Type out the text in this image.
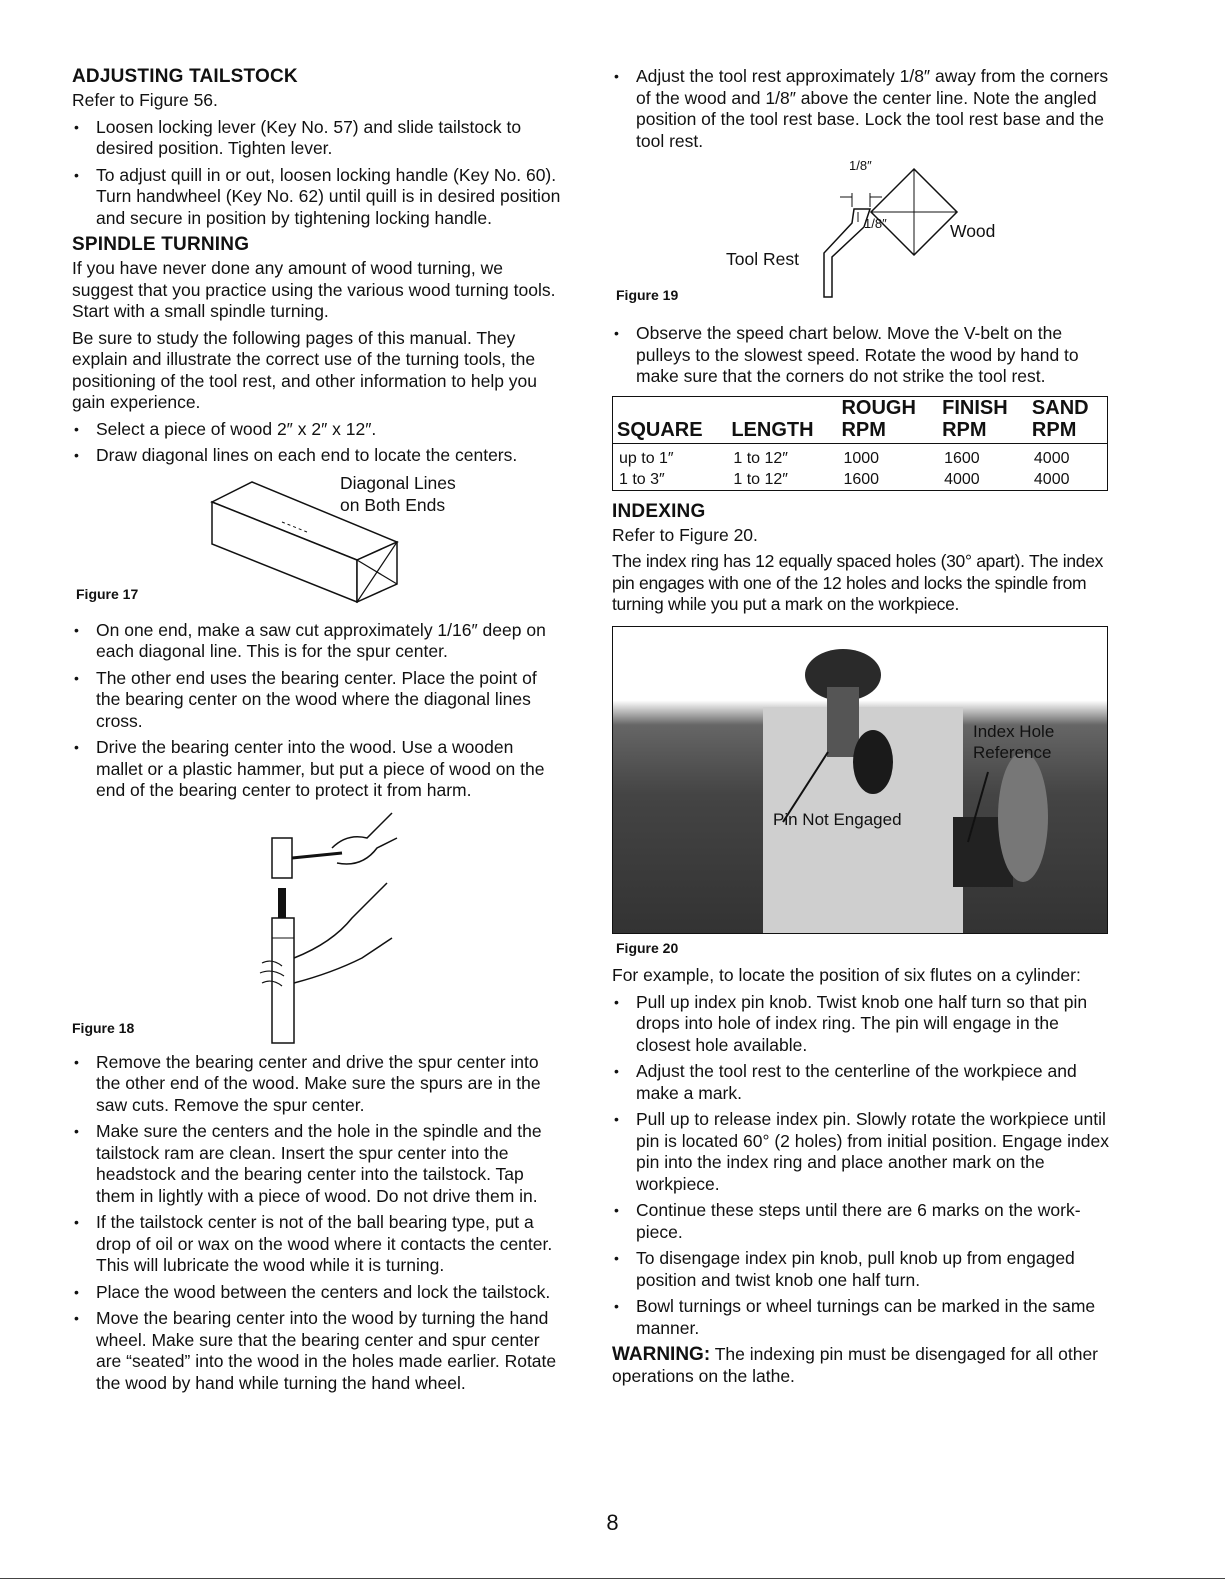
ADJUSTING TAILSTOCK

Refer to Figure 56.

• Loosen locking lever (Key No. 57) and slide tailstock to desired position. Tighten lever.
• To adjust quill in or out, loosen locking handle (Key No. 60). Turn handwheel (Key No. 62) until quill is in desired position and secure in position by tightening locking handle.
SPINDLE TURNING

If you have never done any amount of wood turning, we suggest that you practice using the various wood turning tools. Start with a small spindle turning.

Be sure to study the following pages of this manual. They explain and illustrate the correct use of the turning tools, the positioning of the tool rest, and other information to help you gain experience.

• Select a piece of wood 2″ x 2″ x 12″.
• Draw diagonal lines on each end to locate the centers.
Diagonal Lines
on Both Ends
Figure 17
• On one end, make a saw cut approximately 1/16″ deep on each diagonal line. This is for the spur center.
• The other end uses the bearing center. Place the point of the bearing center on the wood where the diagonal lines cross.
• Drive the bearing center into the wood. Use a wooden mallet or a plastic hammer, but put a piece of wood on the end of the bearing center to protect it from harm.
Figure 18
• Remove the bearing center and drive the spur center into the other end of the wood. Make sure the spurs are in the saw cuts. Remove the spur center.
• Make sure the centers and the hole in the spindle and the tailstock ram are clean. Insert the spur center into the headstock and the bearing center into the tailstock. Tap them in lightly with a piece of wood. Do not drive them in.
• If the tailstock center is not of the ball bearing type, put a drop of oil or wax on the wood where it contacts the center. This will lubricate the wood while it is turning.
• Place the wood between the centers and lock the tailstock.
• Move the bearing center into the wood by turning the hand wheel. Make sure that the bearing center and spur center are “seated” into the wood in the holes made earlier. Rotate the wood by hand while turning the hand wheel.
• Adjust the tool rest approximately 1/8″ away from the corners of the wood and 1/8″ above the center line. Note the angled position of the tool rest base. Lock the tool rest base and the tool rest.
1/8″
1/8″	Wood
Tool Rest
Figure 19
• Observe the speed chart below. Move the V-belt on the pulleys to the slowest speed. Rotate the wood by hand to make sure that the corners do not strike the tool rest.
		ROUGH	FINISH	SAND
SQUARE	LENGTH	RPM	RPM	RPM
up to 1″	1 to 12″	1000	1600	4000
1 to 3″	1 to 12″	1600	4000	4000
INDEXING

Refer to Figure 20.

The index ring has 12 equally spaced holes (30° apart). The index pin engages with one of the 12 holes and locks the spindle from turning while you put a mark on the workpiece.

Index Hole Reference
Pin Not Engaged
Figure 20

For example, to locate the position of six flutes on a cylinder:

• Pull up index pin knob. Twist knob one half turn so that pin drops into hole of index ring. The pin will engage in the closest hole available.
• Adjust the tool rest to the centerline of the workpiece and make a mark.
• Pull up to release index pin. Slowly rotate the workpiece until pin is located 60° (2 holes) from initial position. Engage index pin into the index ring and place another mark on the workpiece.
• Continue these steps until there are 6 marks on the work-piece.
• To disengage index pin knob, pull knob up from engaged position and twist knob one half turn.
• Bowl turnings or wheel turnings can be marked in the same manner.

WARNING: The indexing pin must be disengaged for all other operations on the lathe.

8
